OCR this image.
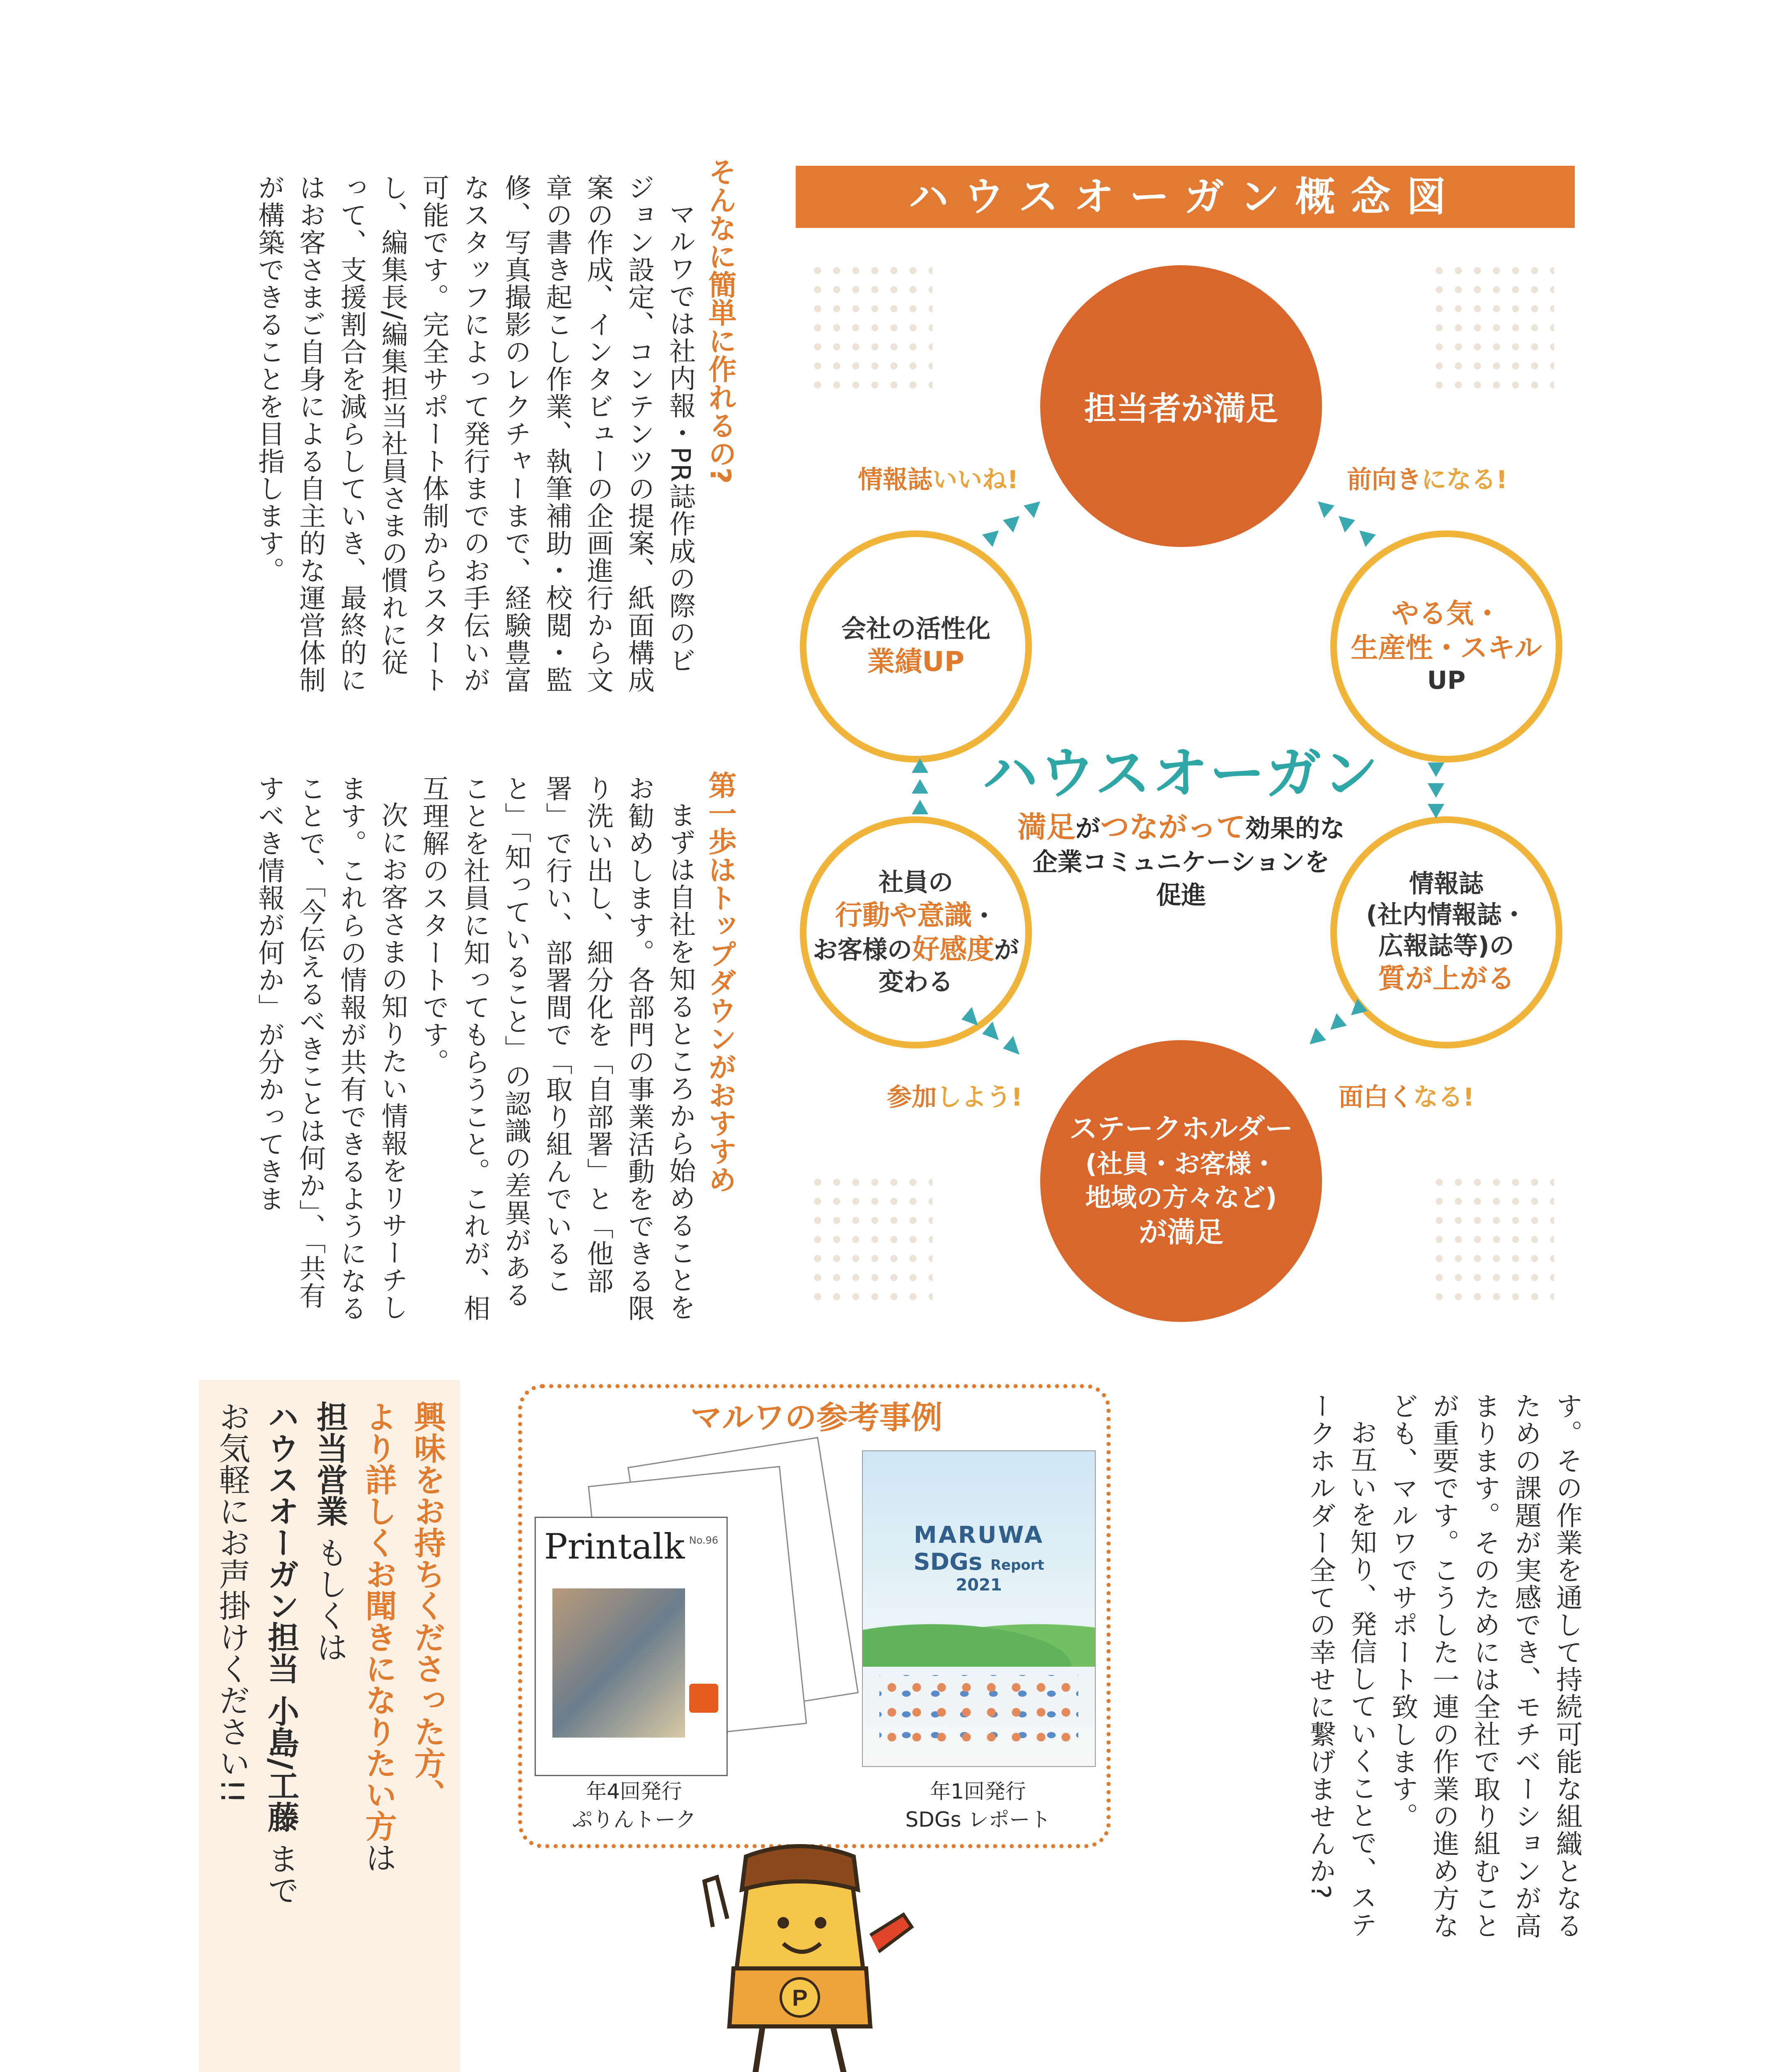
そんなに簡単に作れるの?

マルワでは社内報・PR誌作成の際のビジョン設定、コンテンツの提案、紙面構成案の作成、インタビューの企画進行から文章の書き起こし作業、執筆補助・校閲・監修、写真撮影のレクチャーまで、経験豊富なスタッフによって発行までのお手伝いが可能です。完全サポート体制からスタートし、編集長/編集担当社員さまの慣れに従って、支援割合を減らしていき、最終的にはお客さまご自身による自主的な運営体制が構築できることを目指します。

第一歩はトップダウンがおすすめ

まずは自社を知るところから始めることをお勧めします。各部門の事業活動をできる限り洗い出し、細分化を「自部署」と「他部署」で行い、部署間で「取り組んでいること」「知っていること」の認識の差異があることを社員に知ってもらうこと。これが、相互理解のスタートです。

次にお客さまの知りたい情報をリサーチします。これらの情報が共有できるようになることで、「今伝えるべきことは何か」、「共有すべき情報が何か」が分かってきま

す。その作業を通して持続可能な組織となるための課題が実感でき、モチベーションが高まります。そのためには全社で取り組むことが重要です。こうした一連の作業の進め方なども、マルワでサポート致します。

お互いを知り、発信していくことで、ステークホルダー全ての幸せに繋げませんか?

ハウスオーガン概念図
担当者が満足
ステークホルダー
(社員・お客様・
地域の方々など)
が満足
やる気・
生産性・スキル
UP
情報誌
(社内情報誌・
広報誌等)の
質が上がる
会社の活性化
業績UP
社員の
行動や意識・
お客様の好感度が
変わる
ハウスオーガン
満足がつながって効果的な
企業コミュニケーションを
促進
情報誌いいね!	前向きになる!
参加しよう!	面白くなる!
マルワの参考事例
Printalk No.96	MARUWA
SDGs Report
2021
年4回発行
ぷりんトーク
年1回発行
SDGs レポート
P
興味をお持ちくださった方、
より詳しくお聞きになりたい方は
担当営業 もしくは
ハウスオーガン担当 小島/工藤 まで
お気軽にお声掛けください!!
